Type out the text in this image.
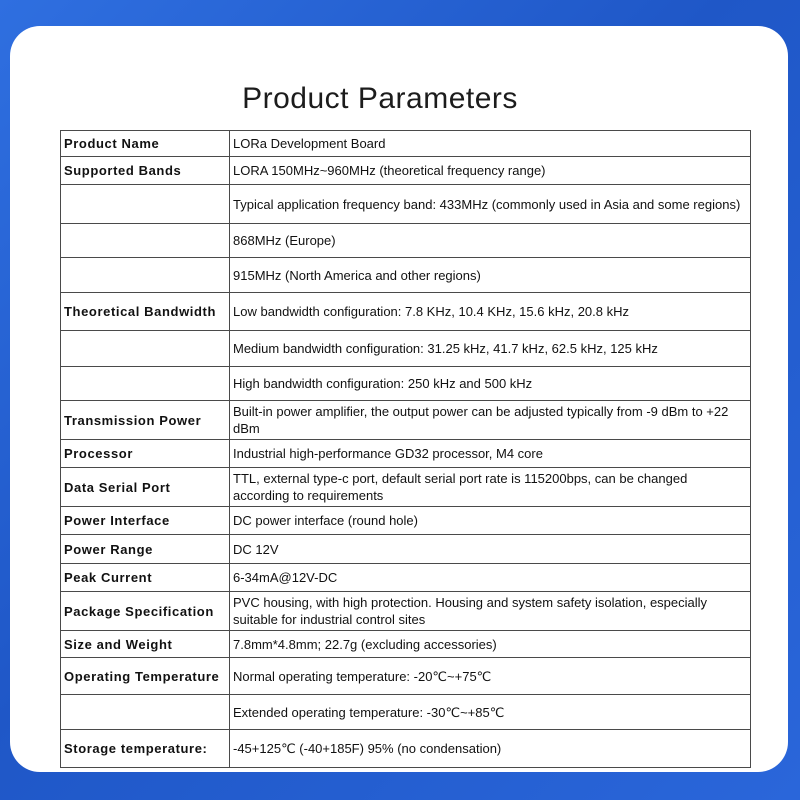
Product Parameters
Product Name	LORa Development Board
Supported Bands	LORA 150MHz~960MHz (theoretical frequency range)
	Typical application frequency band: 433MHz (commonly used in Asia and some regions)
	868MHz (Europe)
	915MHz (North America and other regions)
Theoretical Bandwidth	Low bandwidth configuration: 7.8 KHz, 10.4 KHz, 15.6 kHz, 20.8 kHz
	Medium bandwidth configuration: 31.25 kHz, 41.7 kHz, 62.5 kHz, 125 kHz
	High bandwidth configuration: 250 kHz and 500 kHz
Transmission Power	Built-in power amplifier, the output power can be adjusted typically from -9 dBm to +22 dBm
Processor	Industrial high-performance GD32 processor, M4 core
Data Serial Port	TTL, external type-c port, default serial port rate is 115200bps, can be changed according to requirements
Power Interface	DC power interface (round hole)
Power Range	DC 12V
Peak Current	6-34mA@12V-DC
Package Specification	PVC housing, with high protection. Housing and system safety isolation, especially suitable for industrial control sites
Size and Weight	7.8mm*4.8mm; 22.7g (excluding accessories)
Operating Temperature	Normal operating temperature: -20℃~+75℃
	Extended operating temperature: -30℃~+85℃
Storage temperature:	-45+125℃ (-40+185F) 95% (no condensation)
